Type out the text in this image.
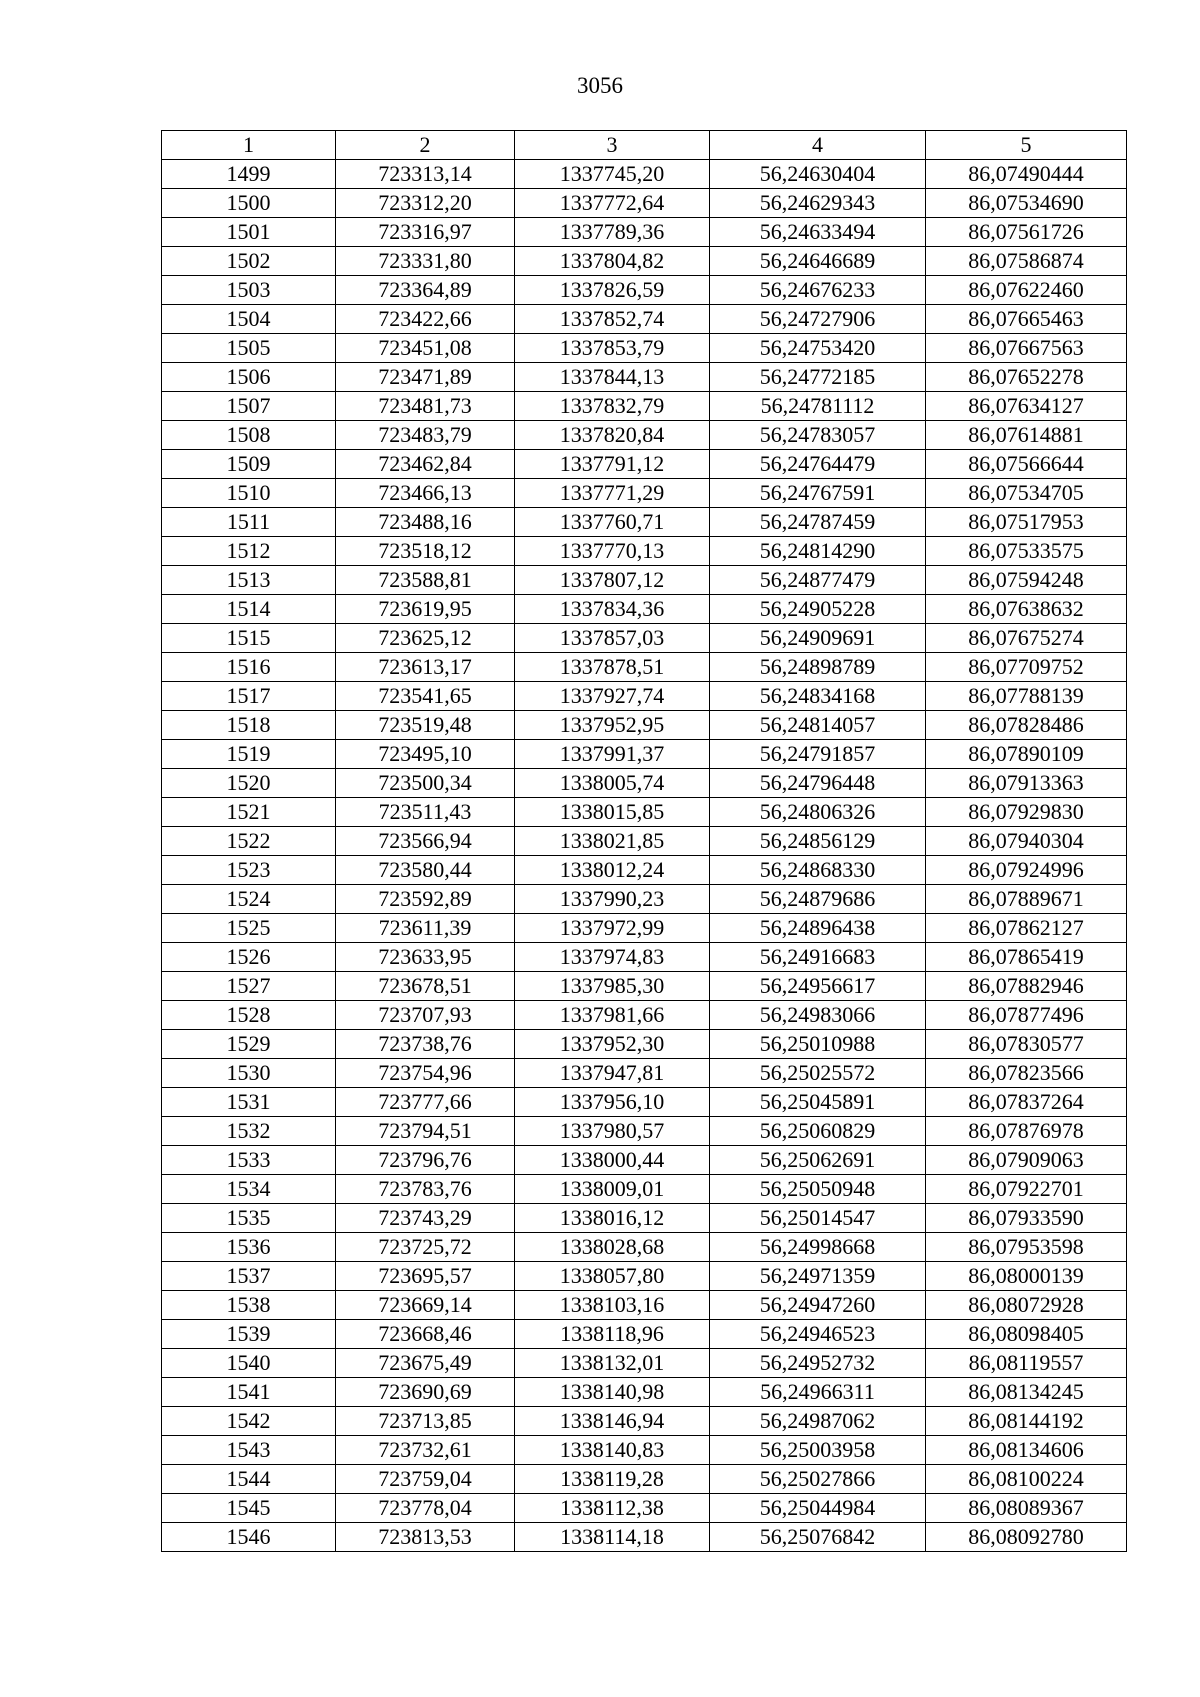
3056
1	2	3	4	5
1499	723313,14	1337745,20	56,24630404	86,07490444
1500	723312,20	1337772,64	56,24629343	86,07534690
1501	723316,97	1337789,36	56,24633494	86,07561726
1502	723331,80	1337804,82	56,24646689	86,07586874
1503	723364,89	1337826,59	56,24676233	86,07622460
1504	723422,66	1337852,74	56,24727906	86,07665463
1505	723451,08	1337853,79	56,24753420	86,07667563
1506	723471,89	1337844,13	56,24772185	86,07652278
1507	723481,73	1337832,79	56,24781112	86,07634127
1508	723483,79	1337820,84	56,24783057	86,07614881
1509	723462,84	1337791,12	56,24764479	86,07566644
1510	723466,13	1337771,29	56,24767591	86,07534705
1511	723488,16	1337760,71	56,24787459	86,07517953
1512	723518,12	1337770,13	56,24814290	86,07533575
1513	723588,81	1337807,12	56,24877479	86,07594248
1514	723619,95	1337834,36	56,24905228	86,07638632
1515	723625,12	1337857,03	56,24909691	86,07675274
1516	723613,17	1337878,51	56,24898789	86,07709752
1517	723541,65	1337927,74	56,24834168	86,07788139
1518	723519,48	1337952,95	56,24814057	86,07828486
1519	723495,10	1337991,37	56,24791857	86,07890109
1520	723500,34	1338005,74	56,24796448	86,07913363
1521	723511,43	1338015,85	56,24806326	86,07929830
1522	723566,94	1338021,85	56,24856129	86,07940304
1523	723580,44	1338012,24	56,24868330	86,07924996
1524	723592,89	1337990,23	56,24879686	86,07889671
1525	723611,39	1337972,99	56,24896438	86,07862127
1526	723633,95	1337974,83	56,24916683	86,07865419
1527	723678,51	1337985,30	56,24956617	86,07882946
1528	723707,93	1337981,66	56,24983066	86,07877496
1529	723738,76	1337952,30	56,25010988	86,07830577
1530	723754,96	1337947,81	56,25025572	86,07823566
1531	723777,66	1337956,10	56,25045891	86,07837264
1532	723794,51	1337980,57	56,25060829	86,07876978
1533	723796,76	1338000,44	56,25062691	86,07909063
1534	723783,76	1338009,01	56,25050948	86,07922701
1535	723743,29	1338016,12	56,25014547	86,07933590
1536	723725,72	1338028,68	56,24998668	86,07953598
1537	723695,57	1338057,80	56,24971359	86,08000139
1538	723669,14	1338103,16	56,24947260	86,08072928
1539	723668,46	1338118,96	56,24946523	86,08098405
1540	723675,49	1338132,01	56,24952732	86,08119557
1541	723690,69	1338140,98	56,24966311	86,08134245
1542	723713,85	1338146,94	56,24987062	86,08144192
1543	723732,61	1338140,83	56,25003958	86,08134606
1544	723759,04	1338119,28	56,25027866	86,08100224
1545	723778,04	1338112,38	56,25044984	86,08089367
1546	723813,53	1338114,18	56,25076842	86,08092780
